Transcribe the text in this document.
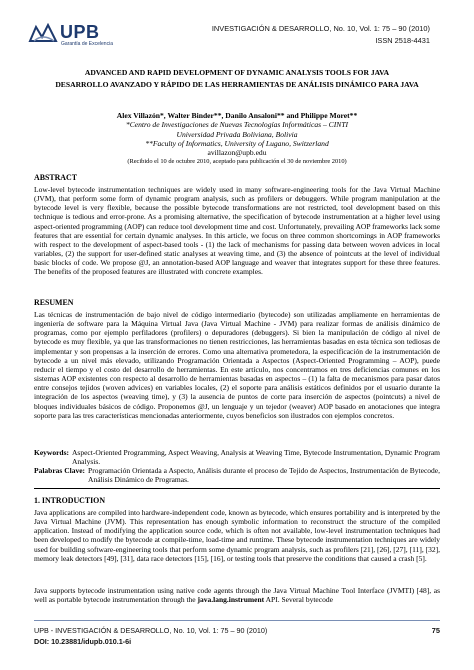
UPB
Garantía de Excelencia
INVESTIGACIÓN & DESARROLLO, No. 10, Vol. 1: 75 – 90 (2010)
ISSN 2518-4431
ADVANCED AND RAPID DEVELOPMENT OF DYNAMIC ANALYSIS TOOLS FOR JAVA
DESARROLLO AVANZADO Y RÁPIDO DE LAS HERRAMIENTAS DE ANÁLISIS DINÁMICO PARA JAVA
Alex Villazón*, Walter Binder**, Danilo Ansaloni** and Philippe Moret**
*Centro de Investigaciones de Nuevas Tecnologías Informáticas – CINTI
Universidad Privada Boliviana, Bolivia
**Faculty of Informatics, University of Lugano, Switzerland
avillazon@upb.edu
(Recibido el 10 de octubre 2010, aceptado para publicación el 30 de noviembre 2010)
ABSTRACT
Low-level bytecode instrumentation techniques are widely used in many software-engineering tools for the Java Virtual Machine (JVM), that perform some form of dynamic program analysis, such as profilers or debuggers. While program manipulation at the bytecode level is very flexible, because the possible bytecode transformations are not restricted, tool development based on this technique is tedious and error-prone. As a promising alternative, the specification of bytecode instrumentation at a higher level using aspect-oriented programming (AOP) can reduce tool development time and cost. Unfortunately, prevailing AOP frameworks lack some features that are essential for certain dynamic analyses. In this article, we focus on three common shortcomings in AOP frameworks with respect to the development of aspect-based tools - (1) the lack of mechanisms for passing data between woven advices in local variables, (2) the support for user-defined static analyses at weaving time, and (3) the absence of pointcuts at the level of individual basic blocks of code. We propose @J, an annotation-based AOP language and weaver that integrates support for these three features. The benefits of the proposed features are illustrated with concrete examples.
RESUMEN
Las técnicas de instrumentación de bajo nivel de código intermediario (bytecode) son utilizadas ampliamente en herramientas de ingeniería de software para la Máquina Virtual Java (Java Virtual Machine - JVM) para realizar formas de análisis dinámico de programas, como por ejemplo perfiladores (profilers) o depuradores (debuggers). Si bien la manipulación de código al nivel de bytecode es muy flexible, ya que las transformaciones no tienen restricciones, las herramientas basadas en esta técnica son tediosas de implementar y son propensas a la inserción de errores. Como una alternativa prometedora, la especificación de la instrumentación de bytecode a un nivel más elevado, utilizando Programación Orientada a Aspectos (Aspect-Oriented Programming – AOP), puede reducir el tiempo y el costo del desarrollo de herramientas. En este artículo, nos concentramos en tres deficiencias comunes en los sistemas AOP existentes con respecto al desarrollo de herramientas basadas en aspectos – (1) la falta de mecanismos para pasar datos entre consejos tejidos (woven advices) en variables locales, (2) el soporte para análisis estáticos definidos por el usuario durante la integración de los aspectos (weaving time), y (3) la ausencia de puntos de corte para inserción de aspectos (pointcuts) a nivel de bloques individuales básicos de código. Proponemos @J, un lenguaje y un tejedor (weaver) AOP basado en anotaciones que integra soporte para las tres características mencionadas anteriormente, cuyos beneficios son ilustrados con ejemplos concretos.
Keywords: Aspect-Oriented Programming, Aspect Weaving, Analysis at Weaving Time, Bytecode Instrumentation, Dynamic Program Analysis.
Palabras Clave: Programación Orientada a Aspecto, Análisis durante el proceso de Tejido de Aspectos, Instrumentación de Bytecode, Análisis Dinámico de Programas.
1. INTRODUCTION
Java applications are compiled into hardware-independent code, known as bytecode, which ensures portability and is interpreted by the Java Virtual Machine (JVM). This representation has enough symbolic information to reconstruct the structure of the compiled application. Instead of modifying the application source code, which is often not available, low-level instrumentation techniques had been developed to modify the bytecode at compile-time, load-time and runtime. These bytecode instrumentation techniques are widely used for building software-engineering tools that perform some dynamic program analysis, such as profilers [21], [26], [27], [11], [32], memory leak detectors [49], [31], data race detectors [15], [16], or testing tools that preserve the conditions that caused a crash [5].
Java supports bytecode instrumentation using native code agents through the Java Virtual Machine Tool Interface (JVMTI) [48], as well as portable bytecode instrumentation through the java.lang.instrument API. Several bytecode
UPB - INVESTIGACIÓN & DESARROLLO, No. 10, Vol. 1: 75 – 90 (2010)
DOI: 10.23881/idupb.010.1-6i
75
